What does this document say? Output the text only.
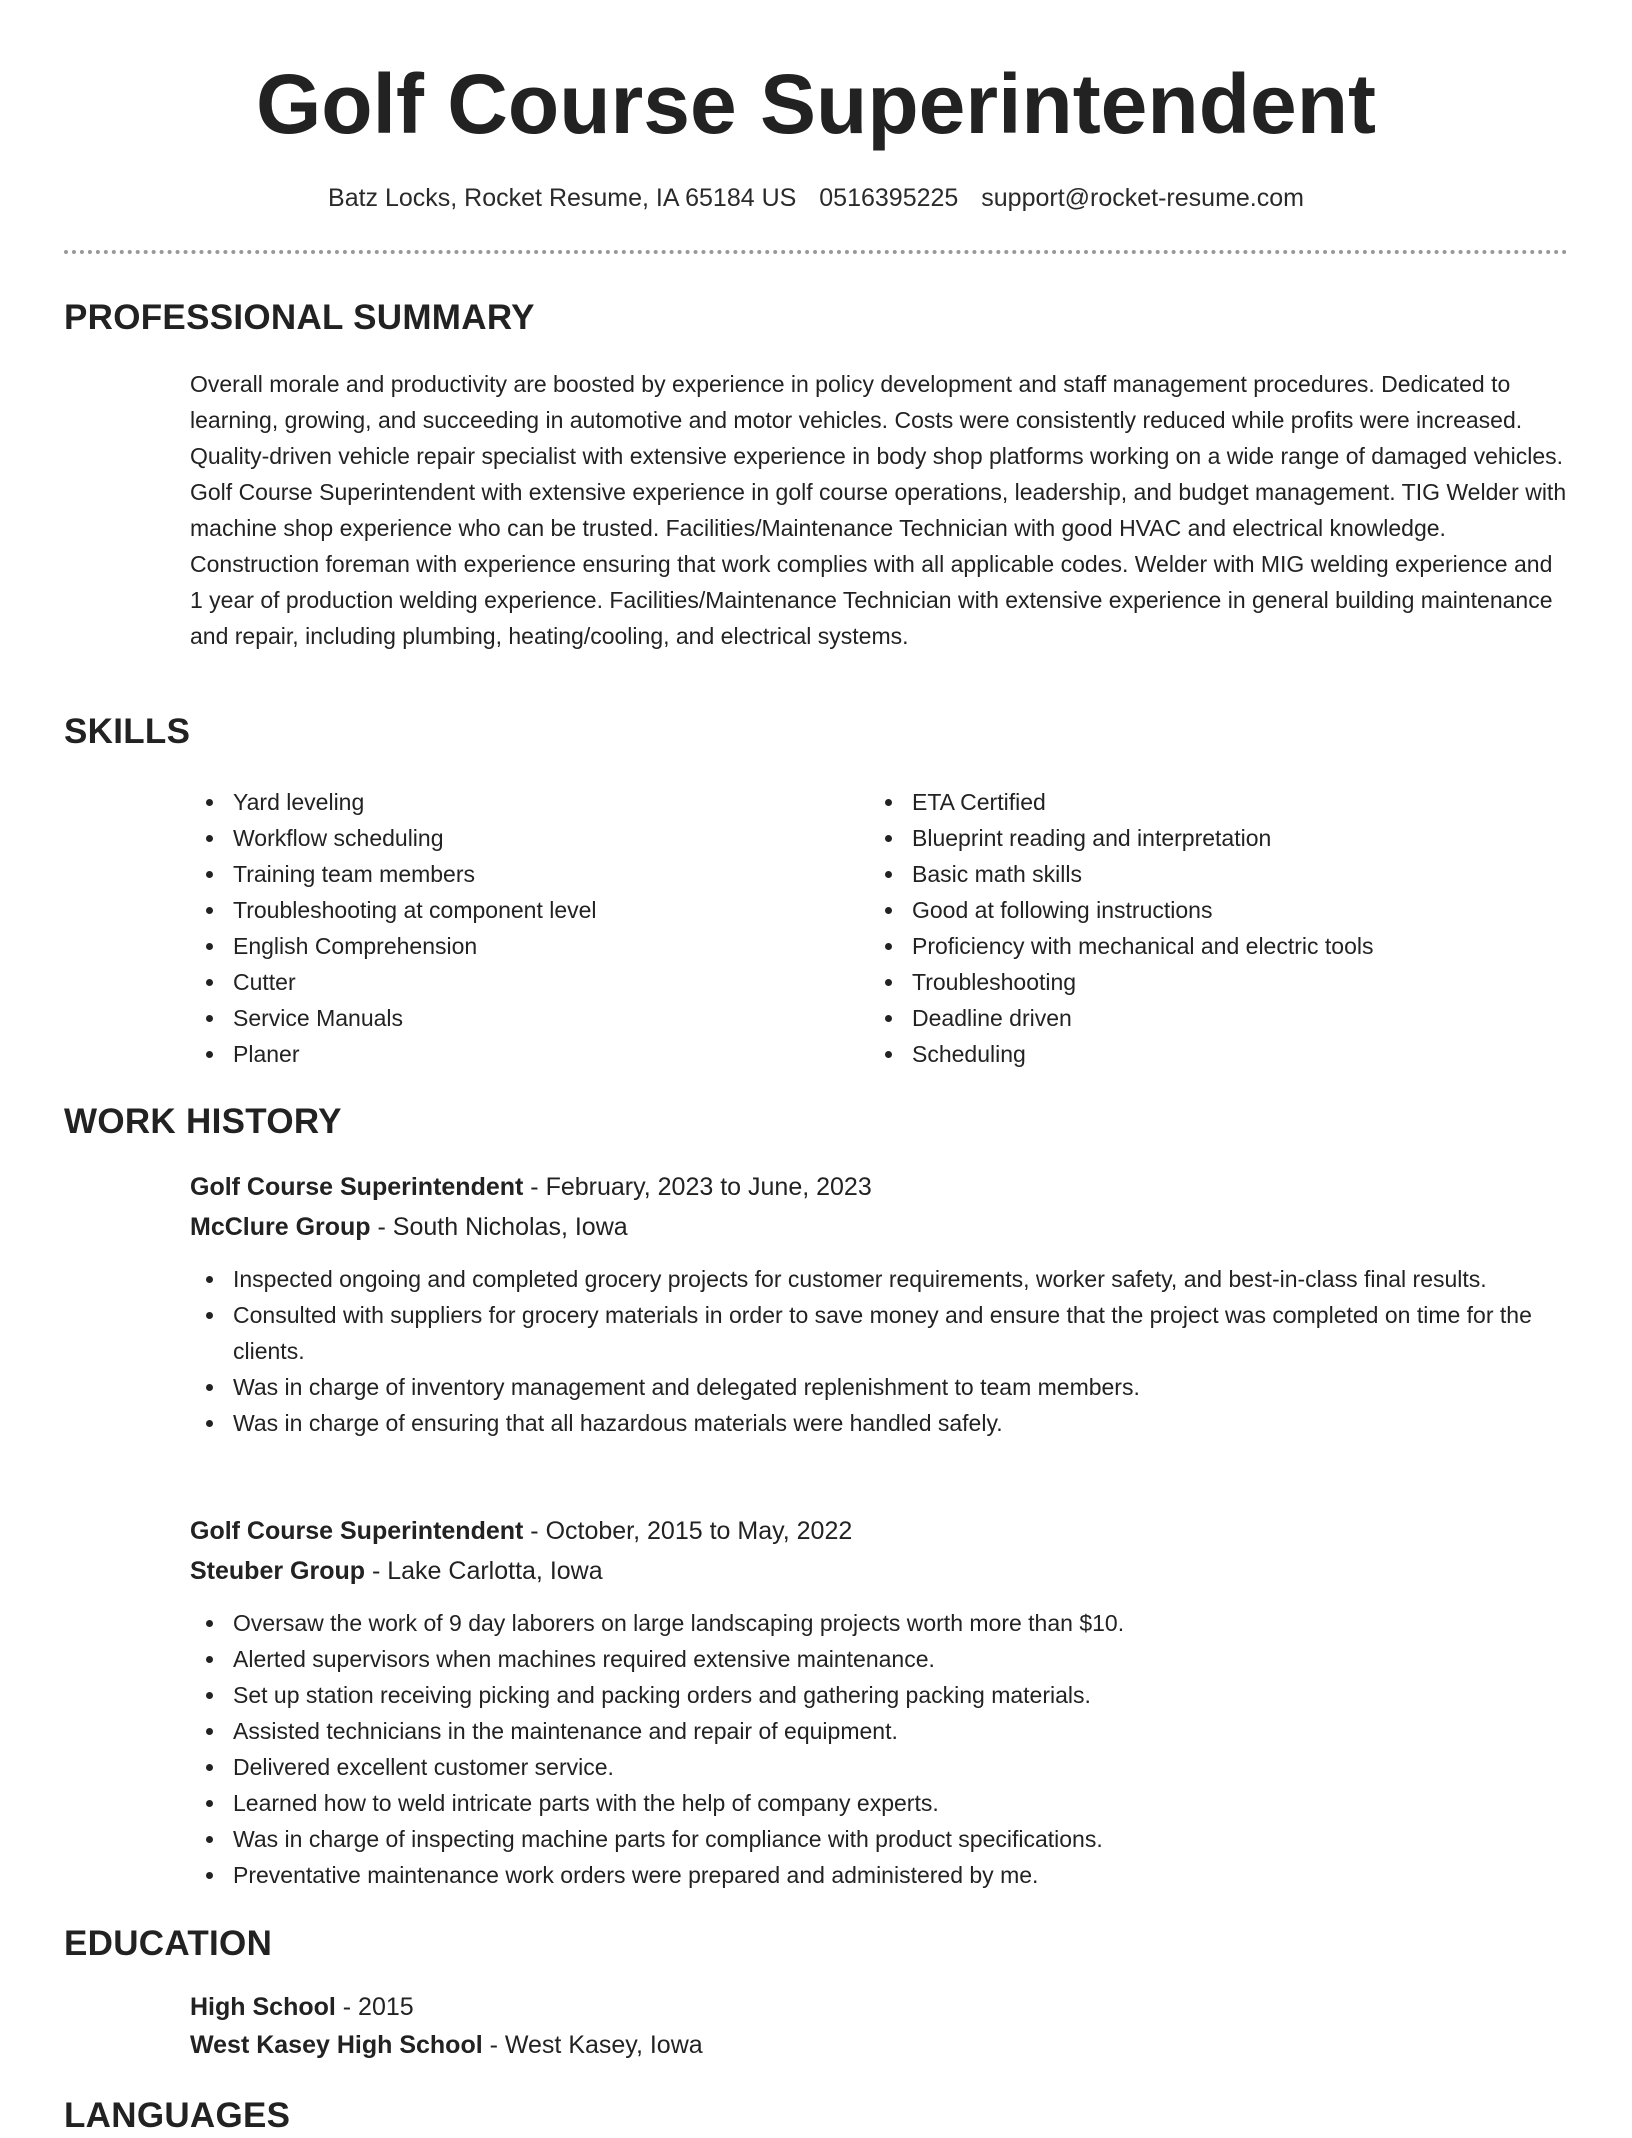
Golf Course Superintendent
Batz Locks, Rocket Resume, IA 65184 US 0516395225 support@rocket-resume.com
PROFESSIONAL SUMMARY

Overall morale and productivity are boosted by experience in policy development and staff management procedures. Dedicated to learning, growing, and succeeding in automotive and motor vehicles. Costs were consistently reduced while profits were increased. Quality-driven vehicle repair specialist with extensive experience in body shop platforms working on a wide range of damaged vehicles. Golf Course Superintendent with extensive experience in golf course operations, leadership, and budget management. TIG Welder with machine shop experience who can be trusted. Facilities/Maintenance Technician with good HVAC and electrical knowledge. Construction foreman with experience ensuring that work complies with all applicable codes. Welder with MIG welding experience and 1 year of production welding experience. Facilities/Maintenance Technician with extensive experience in general building maintenance and repair, including plumbing, heating/cooling, and electrical systems.

SKILLS
Yard leveling
Workflow scheduling
Training team members
Troubleshooting at component level
English Comprehension
Cutter
Service Manuals
Planer
ETA Certified
Blueprint reading and interpretation
Basic math skills
Good at following instructions
Proficiency with mechanical and electric tools
Troubleshooting
Deadline driven
Scheduling
WORK HISTORY

Golf Course Superintendent - February, 2023 to June, 2023

McClure Group - South Nicholas, Iowa

Inspected ongoing and completed grocery projects for customer requirements, worker safety, and best-in-class final results.
Consulted with suppliers for grocery materials in order to save money and ensure that the project was completed on time for the clients.
Was in charge of inventory management and delegated replenishment to team members.
Was in charge of ensuring that all hazardous materials were handled safely.

Golf Course Superintendent - October, 2015 to May, 2022

Steuber Group - Lake Carlotta, Iowa

Oversaw the work of 9 day laborers on large landscaping projects worth more than $10.
Alerted supervisors when machines required extensive maintenance.
Set up station receiving picking and packing orders and gathering packing materials.
Assisted technicians in the maintenance and repair of equipment.
Delivered excellent customer service.
Learned how to weld intricate parts with the help of company experts.
Was in charge of inspecting machine parts for compliance with product specifications.
Preventative maintenance work orders were prepared and administered by me.
EDUCATION

High School - 2015

West Kasey High School - West Kasey, Iowa

LANGUAGES
